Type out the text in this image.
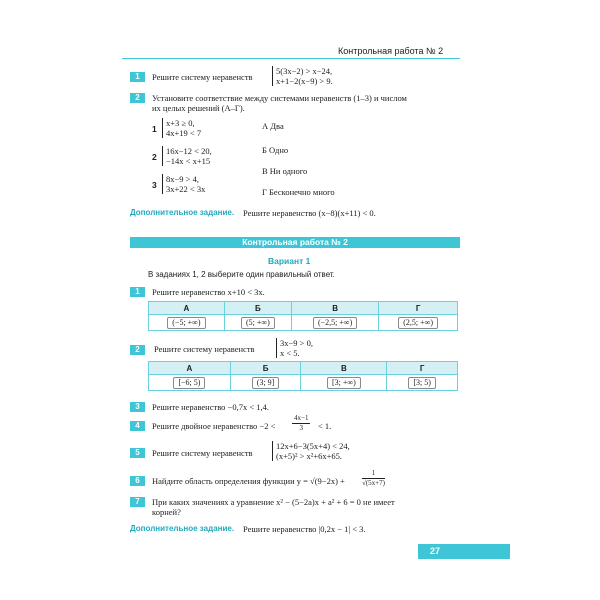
Контрольная работа № 2
1	Решите систему неравенств
5(3x−2) > x−24,
x+1−2(x−9) > 9.
2	Установите соответствие между системами неравенств (1–3) и числом
их целых решений (А–Г).
1
x+3 ≥ 0,
4x+19 < 7
2
16x−12 < 20,
−14x < x+15
3
8x−9 > 4,
3x+22 < 3x
А Два
Б Одно
В Ни одного
Г Бесконечно много
Дополнительное задание. Решите неравенство (x−8)(x+11) < 0.
Контрольная работа № 2
Вариант 1
В заданиях 1, 2 выберите один правильный ответ.
1	Решите неравенство x+10 < 3x.
А	Б	В	Г
(−5; +∞)	(5; +∞)	(−2,5; +∞)	(2,5; +∞)
2	Решите систему неравенств
3x−9 > 0,
x < 5.
А	Б	В	Г
[−6; 5)	(3; 9]	[3; +∞)	[3; 5)
3	Решите неравенство −0,7x < 1,4.
4	Решите двойное неравенство $-2 < \frac{4x-1}{3} < 1$.
5	Решите систему неравенств
12x+6−3(5x+4) < 24,
(x+5)² > x²+6x+65.
6	Найдите область определения функции $y = √(9-2x) + \frac{1}{√(5x+7)}$
7	При каких значениях a уравнение x² − (5−2a)x + a² + 6 = 0 не имеет
корней?
Дополнительное задание. Решите неравенство |0,2x − 1| < 3.
27
